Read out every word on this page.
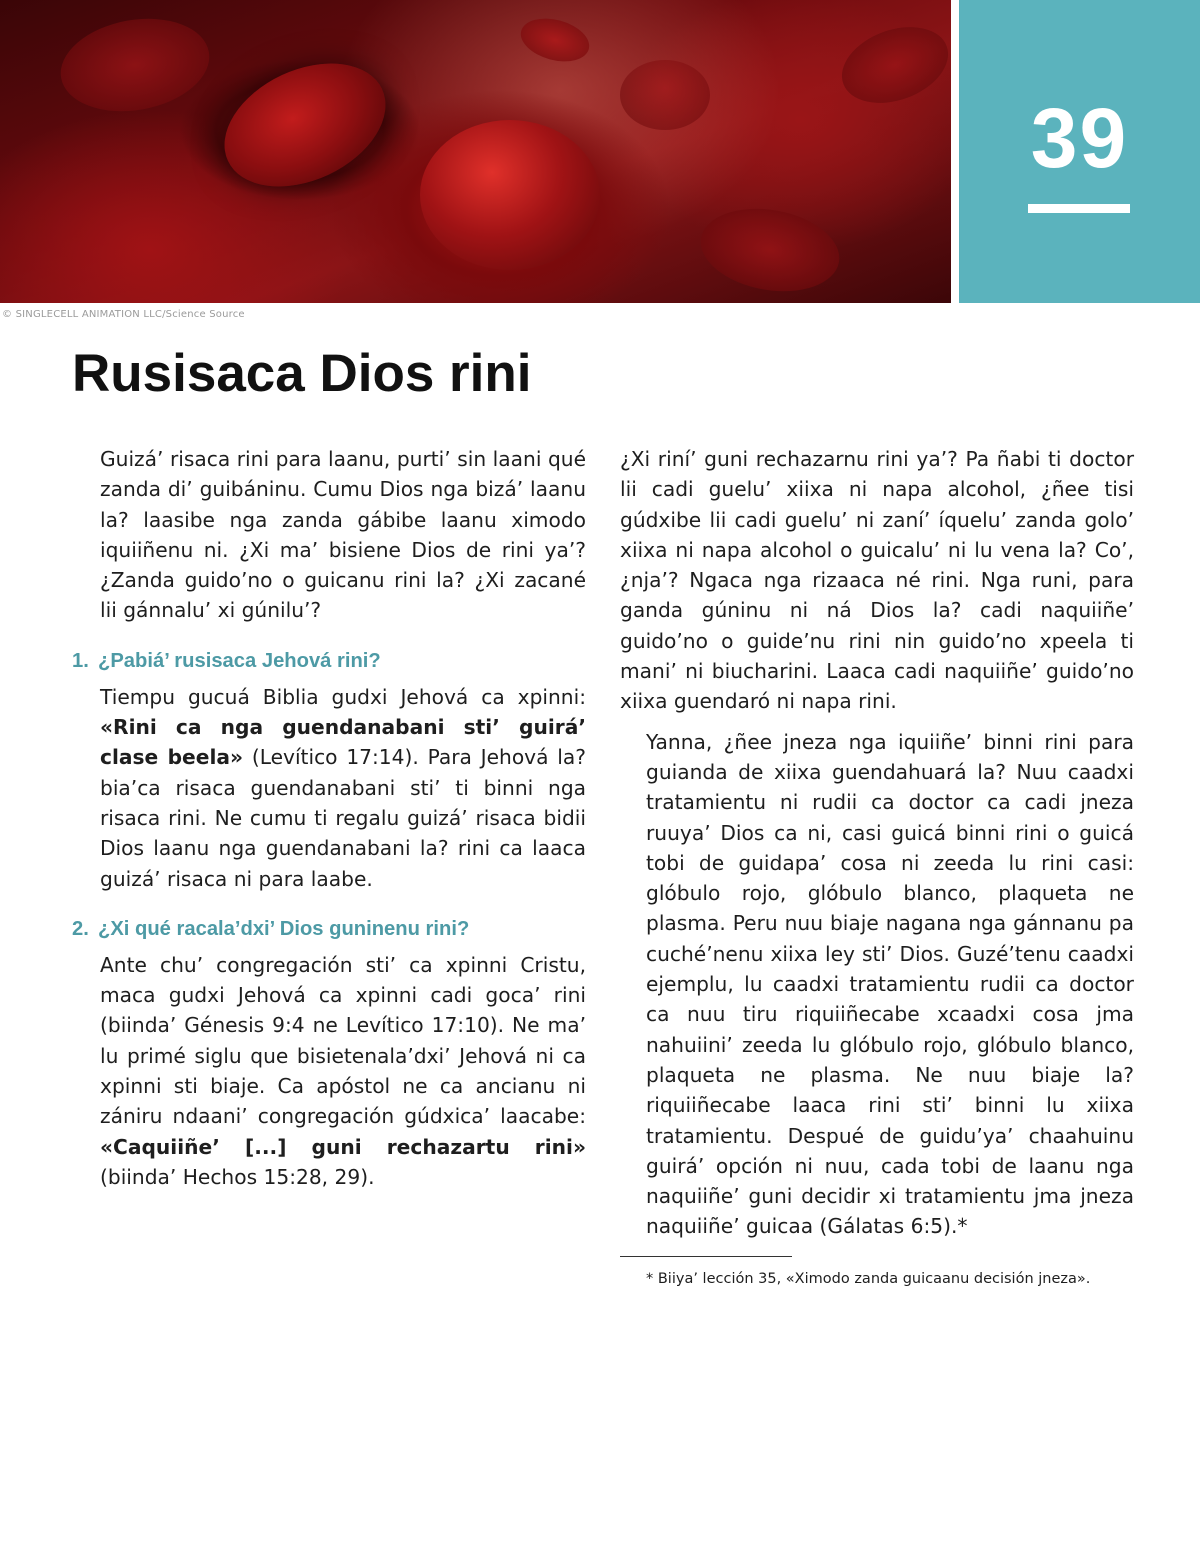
39
© SINGLECELL ANIMATION LLC/Science Source
Rusisaca Dios rini

Guizá’ risaca rini para laanu, purti’ sin laani qué zanda di’ guibáninu. Cumu Dios nga bizá’ laanu la? laasibe nga zanda gábibe laanu ximodo iquiiñenu ni. ¿Xi ma’ bisiene Dios de rini ya’? ¿Zanda guido’no o guicanu rini la? ¿Xi zacané lii gánnalu’ xi gúnilu’?

1. ¿Pabiá’ rusisaca Jehová rini?

Tiempu gucuá Biblia gudxi Jehová ca xpinni: «Rini ca nga guendanabani sti’ guirá’ clase beela» (Levítico 17:14). Para Jehová la? bia’ca risaca guendanabani sti’ ti binni nga risaca rini. Ne cumu ti regalu guizá’ risaca bidii Dios laanu nga guendanabani la? rini ca laaca guizá’ risaca ni para laabe.

2. ¿Xi qué racala’dxi’ Dios guninenu rini?

Ante chu’ congregación sti’ ca xpinni Cristu, maca gudxi Jehová ca xpinni cadi goca’ rini (biinda’ Génesis 9:4 ne Levítico 17:10). Ne ma’ lu primé siglu que bisietenala’dxi’ Jehová ni ca xpinni sti biaje. Ca apóstol ne ca ancianu ni zániru ndaani’ congregación gúdxica’ laacabe: «Caquiiñe’ [...] guni rechazartu rini» (biinda’ Hechos 15:28, 29).

¿Xi riní’ guni rechazarnu rini ya’? Pa ñabi ti doctor lii cadi guelu’ xiixa ni napa alcohol, ¿ñee tisi gúdxibe lii cadi guelu’ ni zaní’ íquelu’ zanda golo’ xiixa ni napa alcohol o guicalu’ ni lu vena la? Co’, ¿nja’? Ngaca nga rizaaca né rini. Nga runi, para ganda gúninu ni ná Dios la? cadi naquiiñe’ guido’no o guide’nu rini nin guido’no xpeela ti mani’ ni biucharini. Laaca cadi naquiiñe’ guido’no xiixa guendaró ni napa rini.

Yanna, ¿ñee jneza nga iquiiñe’ binni rini para guianda de xiixa guendahuará la? Nuu caadxi tratamientu ni rudii ca doctor ca cadi jneza ruuya’ Dios ca ni, casi guicá binni rini o guicá tobi de guidapa’ cosa ni zeeda lu rini casi: glóbulo rojo, glóbulo blanco, plaqueta ne plasma. Peru nuu biaje nagana nga gánnanu pa cuché’nenu xiixa ley sti’ Dios. Guzé’tenu caadxi ejemplu, lu caadxi tratamientu rudii ca doctor ca nuu tiru riquiiñecabe xcaadxi cosa jma nahuiini’ zeeda lu glóbulo rojo, glóbulo blanco, plaqueta ne plasma. Ne nuu biaje la? riquiiñecabe laaca rini sti’ binni lu xiixa tratamientu. Despué de guidu’ya’ chaahuinu guirá’ opción ni nuu, cada tobi de laanu nga naquiiñe’ guni decidir xi tratamientu jma jneza naquiiñe’ guicaa (Gálatas 6:5).*

* Biiya’ lección 35, «Ximodo zanda guicaanu decisión jneza».
